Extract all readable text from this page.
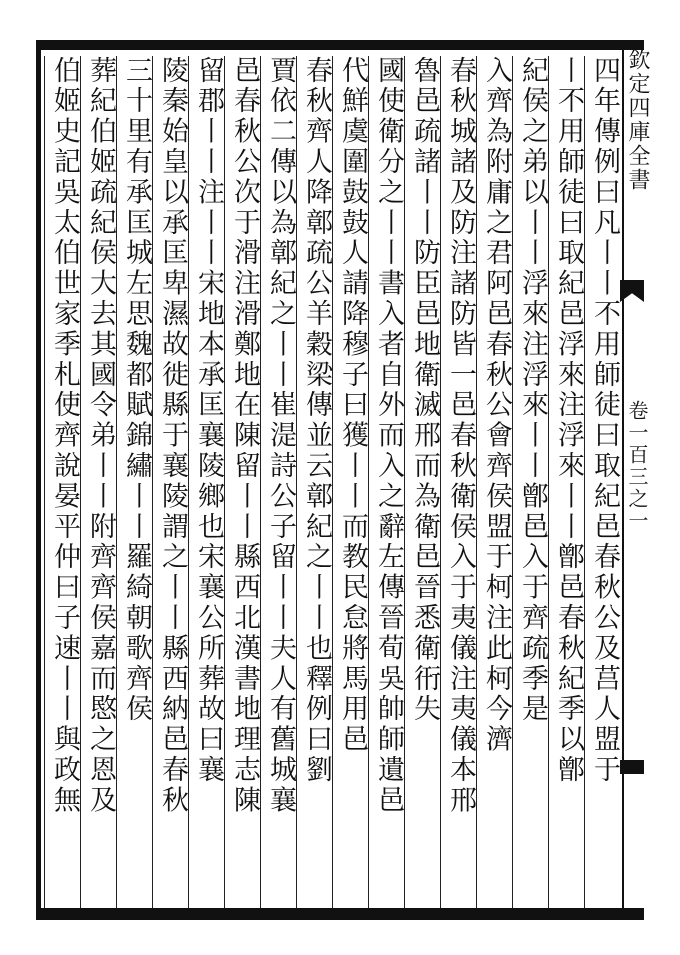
欽定四庫全書
卷一百三之一
四年傳例曰凡丨丨不用師徒曰取紀邑春秋公及莒人盟于
丨不用師徒曰取紀邑浮來注浮來丨丨鄫邑春秋紀季以鄫
紀侯之弟以丨丨浮來注浮來丨丨鄫邑入于齊疏季是
入齊為附庸之君阿邑春秋公會齊侯盟于柯注此柯今濟
春秋城諸及防注諸防皆一邑春秋衛侯入于夷儀注夷儀本邢
魯邑疏諸丨丨防臣邑地衛滅邢而為衛邑晉悉衛衎失
國使衛分之丨丨書入者自外而入之辭左傳晉荀吳帥師遺邑
代鮮虞圍鼓鼓人請降穆子曰獲丨丨而教民怠將馬用邑
春秋齊人降鄣疏公羊穀梁傳並云鄣紀之丨丨也釋例曰劉
賈依二傳以為鄣紀之丨丨崔湜詩公子留丨丨夫人有舊城襄
邑春秋公次于滑注滑鄭地在陳留丨丨縣西北漢書地理志陳
留郡丨丨注丨丨宋地本承匡襄陵鄉也宋襄公所葬故曰襄
陵秦始皇以承匡卑濕故徙縣于襄陵謂之丨丨縣西納邑春秋
三十里有承匡城左思魏都賦錦繡丨丨羅綺朝歌齊侯
葬紀伯姬疏紀侯大去其國令弟丨丨附齊齊侯嘉而愍之恩及
伯姬史記吳太伯世家季札使齊說晏平仲曰子速丨丨與政無
